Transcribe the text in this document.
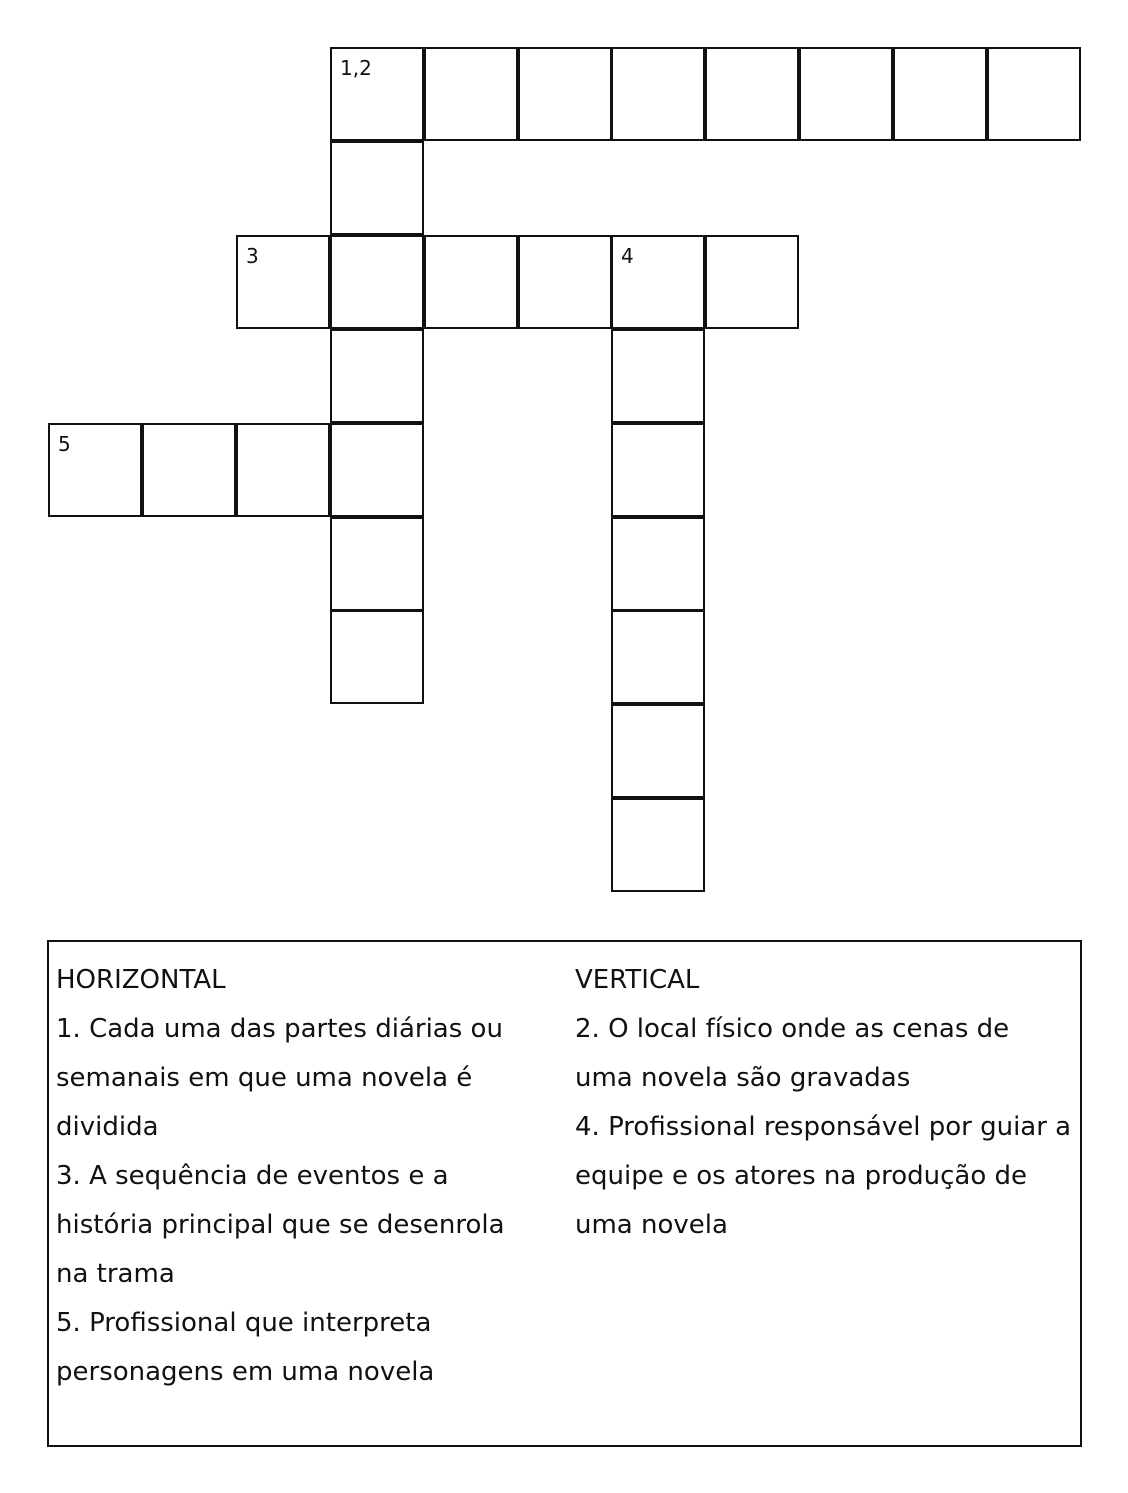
1,2
3	4
5

HORIZONTAL

1. Cada uma das partes diárias ou semanais em que uma novela é dividida

3. A sequência de eventos e a história principal que se desenrola na trama

5. Profissional que interpreta personagens em uma novela

VERTICAL

2. O local físico onde as cenas de uma novela são gravadas

4. Profissional responsável por guiar a equipe e os atores na produção de uma novela
